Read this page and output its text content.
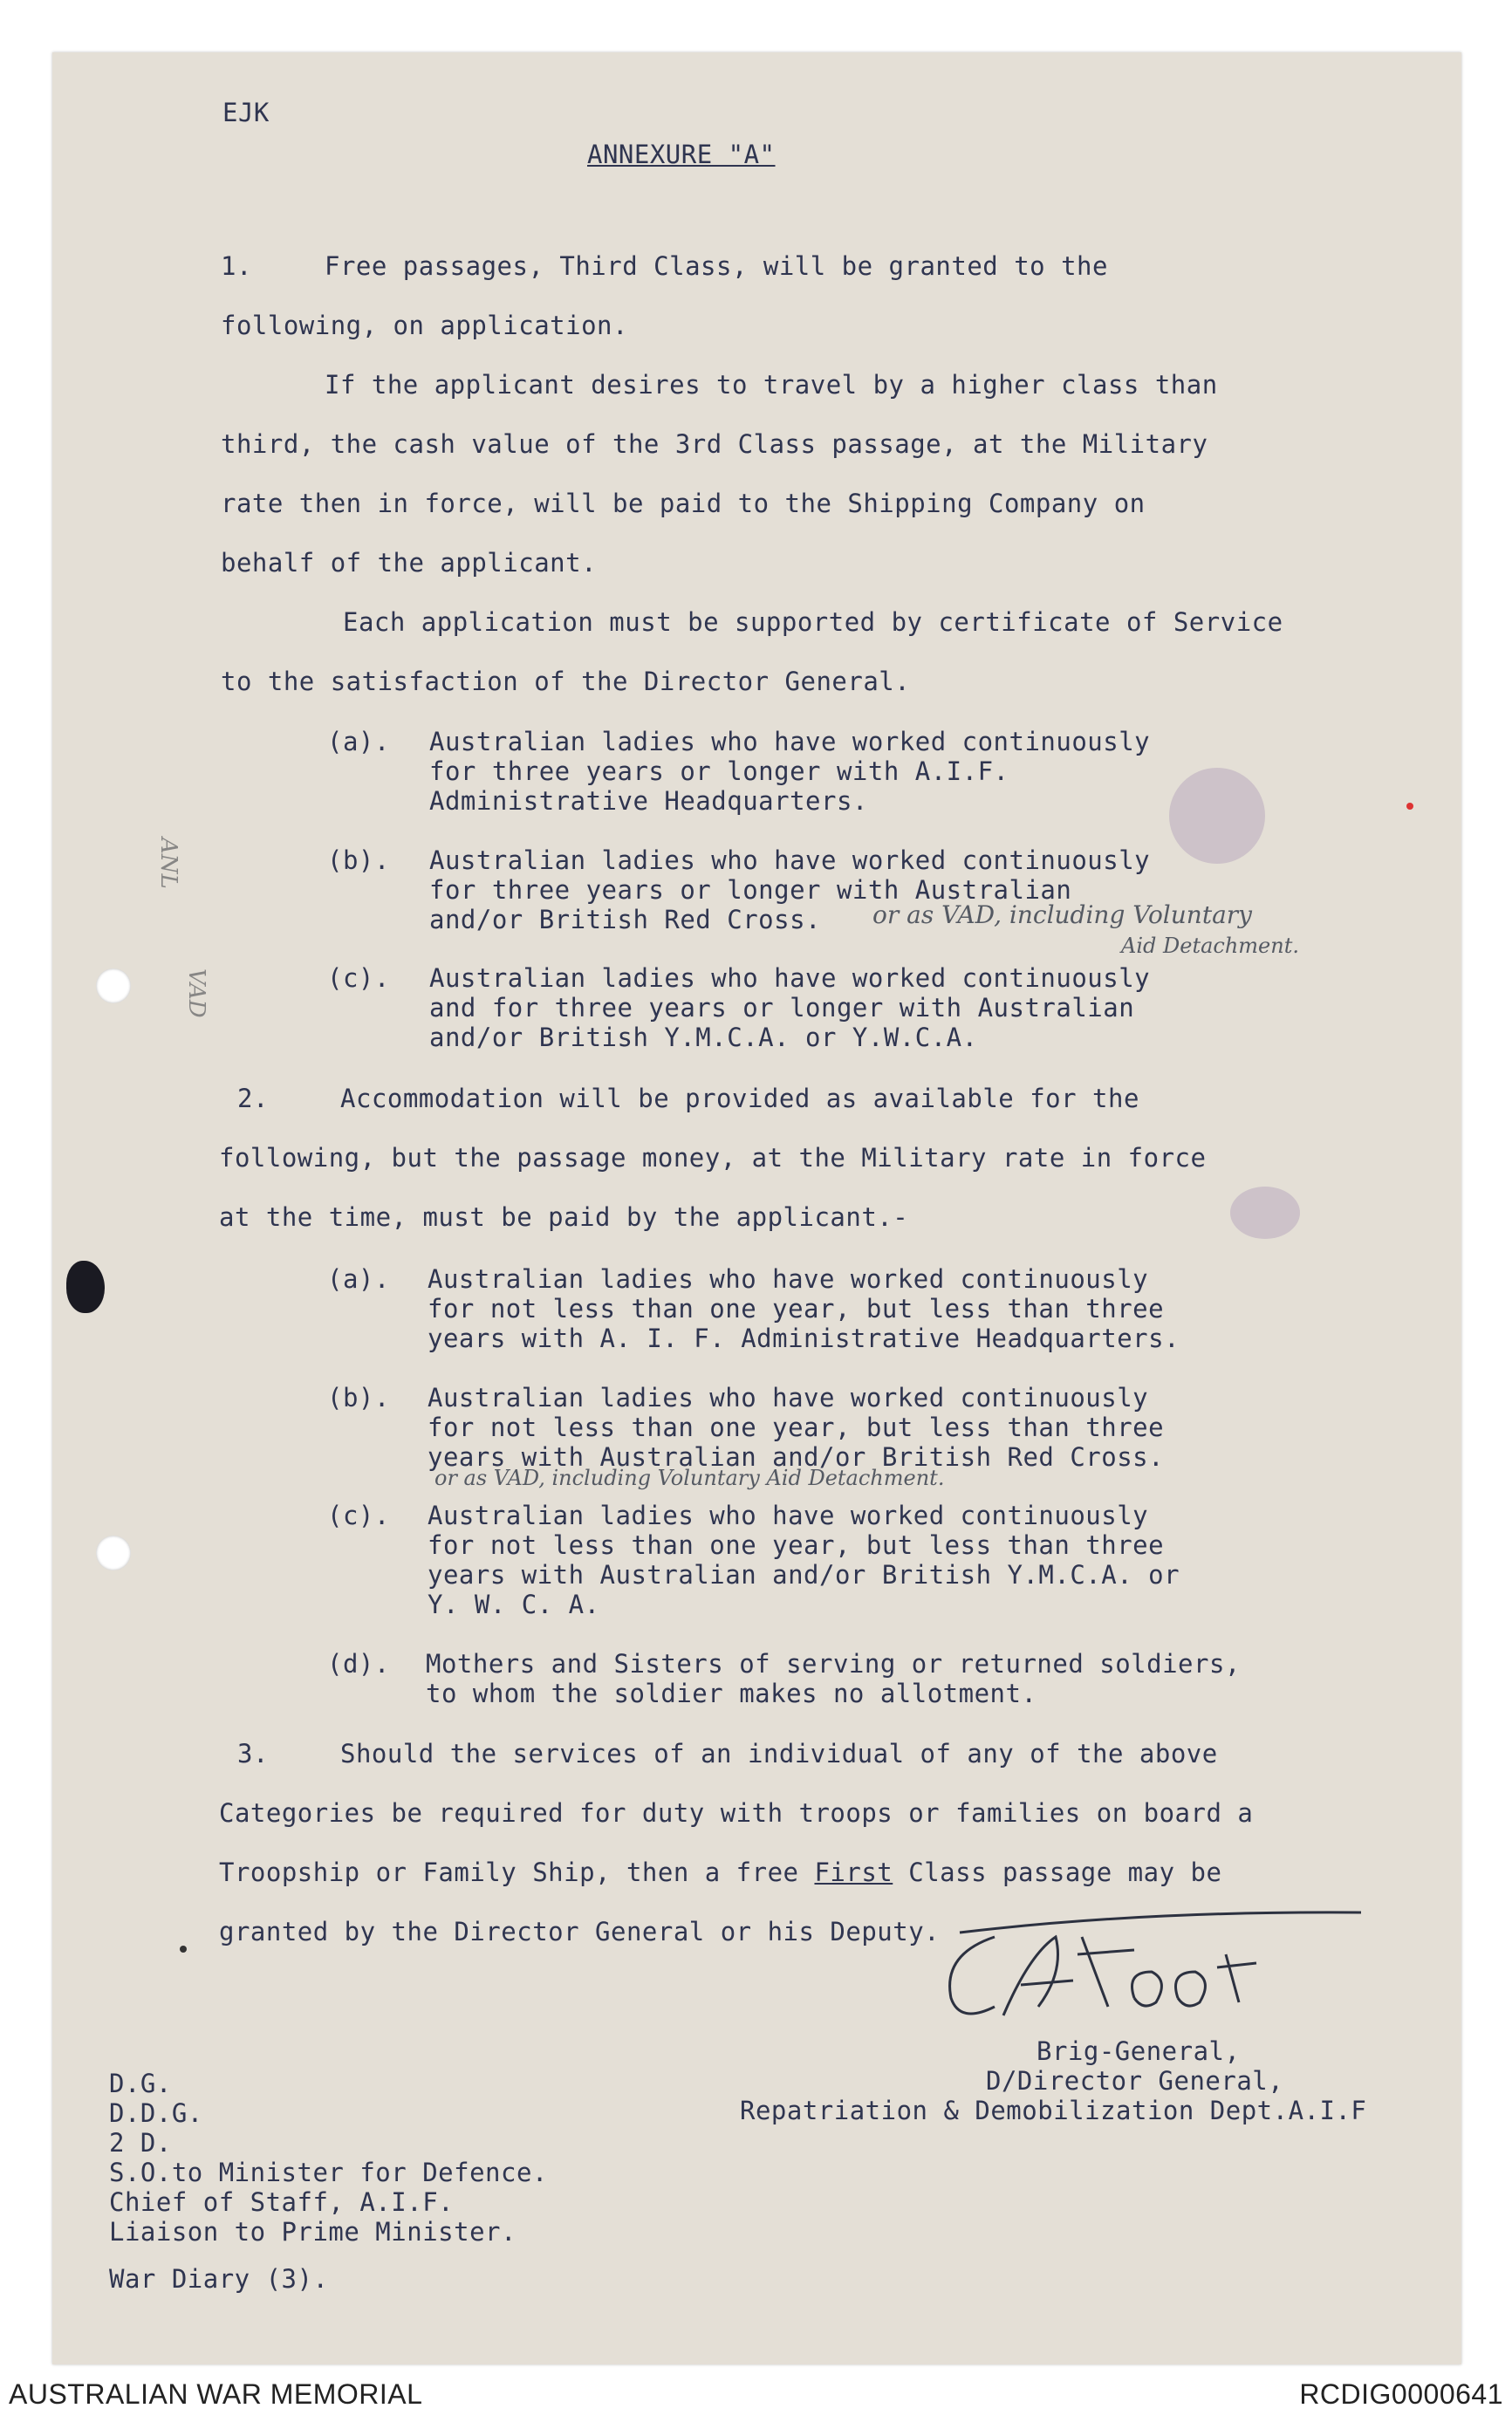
EJK
ANNEXURE "A"
1.	Free passages, Third Class, will be granted to the
following, on application.
If the applicant desires to travel by a higher class than
third, the cash value of the 3rd Class passage, at the Military
rate then in force, will be paid to the Shipping Company on
behalf of the applicant.
Each application must be supported by certificate of Service
to the satisfaction of the Director General.
(a). Australian ladies who have worked continuously
for three years or longer with A.I.F.
Administrative Headquarters.
(b). Australian ladies who have worked continuously
for three years or longer with Australian
and/or British Red Cross. or as VAD, including Voluntary
Aid Detachment.
(c). Australian ladies who have worked continuously
and for three years or longer with Australian
and/or British Y.M.C.A. or Y.W.C.A.
ANL
VAD
2.	Accommodation will be provided as available for the
following, but the passage money, at the Military rate in force
at the time, must be paid by the applicant.-
(a). Australian ladies who have worked continuously
for not less than one year, but less than three
years with A. I. F. Administrative Headquarters.
(b). Australian ladies who have worked continuously
for not less than one year, but less than three
years with Australian and/or British Red Cross.
or as VAD, including Voluntary Aid Detachment.
(c). Australian ladies who have worked continuously
for not less than one year, but less than three
years with Australian and/or British Y.M.C.A. or
Y. W. C. A.
(d). Mothers and Sisters of serving or returned soldiers,
to whom the soldier makes no allotment.
3.	Should the services of an individual of any of the above
Categories be required for duty with troops or families on board a
Troopship or Family Ship, then a free First Class passage may be
granted by the Director General or his Deputy.
Brig-General,
D/Director General,
Repatriation & Demobilization Dept.A.I.F
D.G.
D.D.G.
2 D.
S.O.to Minister for Defence.
Chief of Staff, A.I.F.
Liaison to Prime Minister.
War Diary (3).
AUSTRALIAN WAR MEMORIAL	RCDIG0000641
